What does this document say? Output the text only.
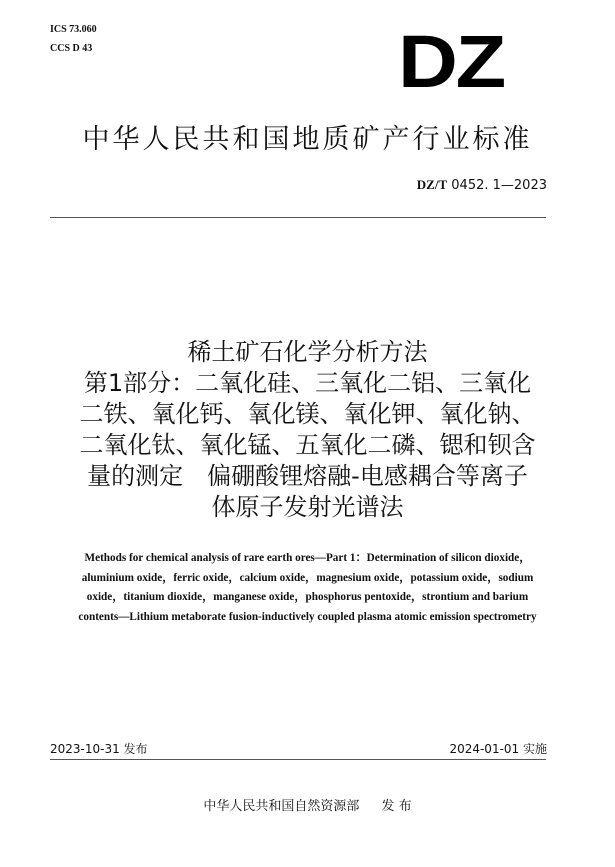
ICS 73.060
CCS D 43	DZ
中华人民共和国地质矿产行业标准
DZ/T 0452. 1—2023
稀土矿石化学分析方法
第1部分：二氧化硅、三氧化二铝、三氧化
二铁、氧化钙、氧化镁、氧化钾、氧化钠、
二氧化钛、氧化锰、五氧化二磷、锶和钡含
量的测定　偏硼酸锂熔融-电感耦合等离子
体原子发射光谱法
Methods for chemical analysis of rare earth ores—Part 1：Determination of silicon dioxide，
aluminium oxide，ferric oxide，calcium oxide，magnesium oxide，potassium oxide，sodium
oxide，titanium dioxide，manganese oxide，phosphorus pentoxide，strontium and barium
contents—Lithium metaborate fusion-inductively coupled plasma atomic emission spectrometry
2023-10-31 发布	2024-01-01 实施
中华人民共和国自然资源部 发 布
